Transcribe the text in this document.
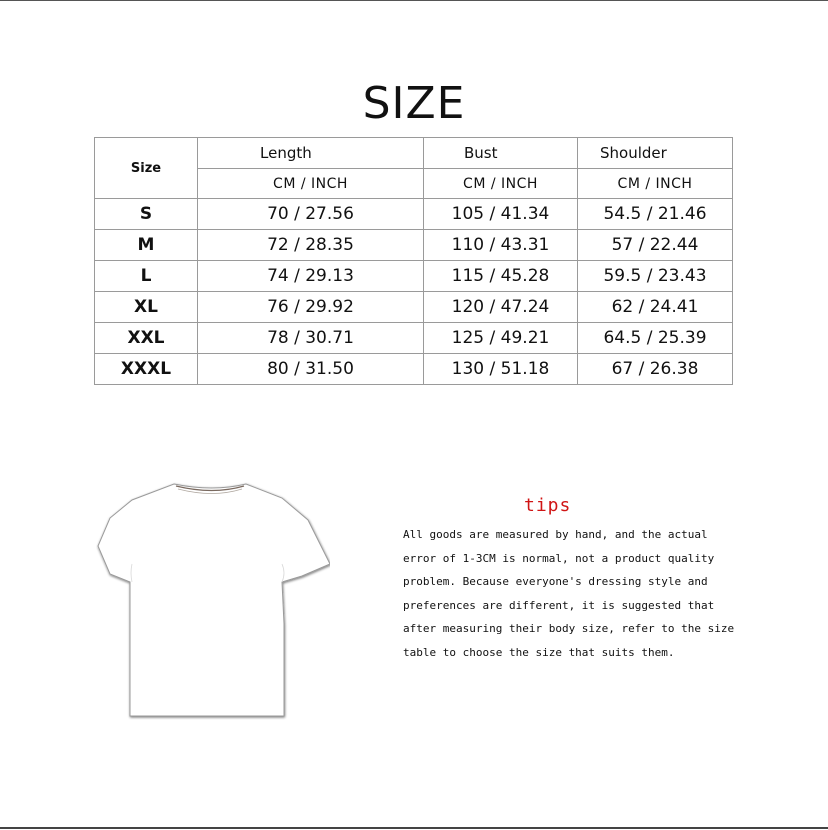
SIZE
Size	Length	Bust	Shoulder
	CM / INCH	CM / INCH	CM / INCH
S	70 / 27.56	105 / 41.34	54.5 / 21.46
M	72 / 28.35	110 / 43.31	57 / 22.44
L	74 / 29.13	115 / 45.28	59.5 / 23.43
XL	76 / 29.92	120 / 47.24	62 / 24.41
XXL	78 / 30.71	125 / 49.21	64.5 / 25.39
XXXL	80 / 31.50	130 / 51.18	67 / 26.38
tips
All goods are measured by hand, and the actual
error of 1-3CM is normal, not a product quality
problem. Because everyone's dressing style and
preferences are different, it is suggested that
after measuring their body size, refer to the size
table to choose the size that suits them.
